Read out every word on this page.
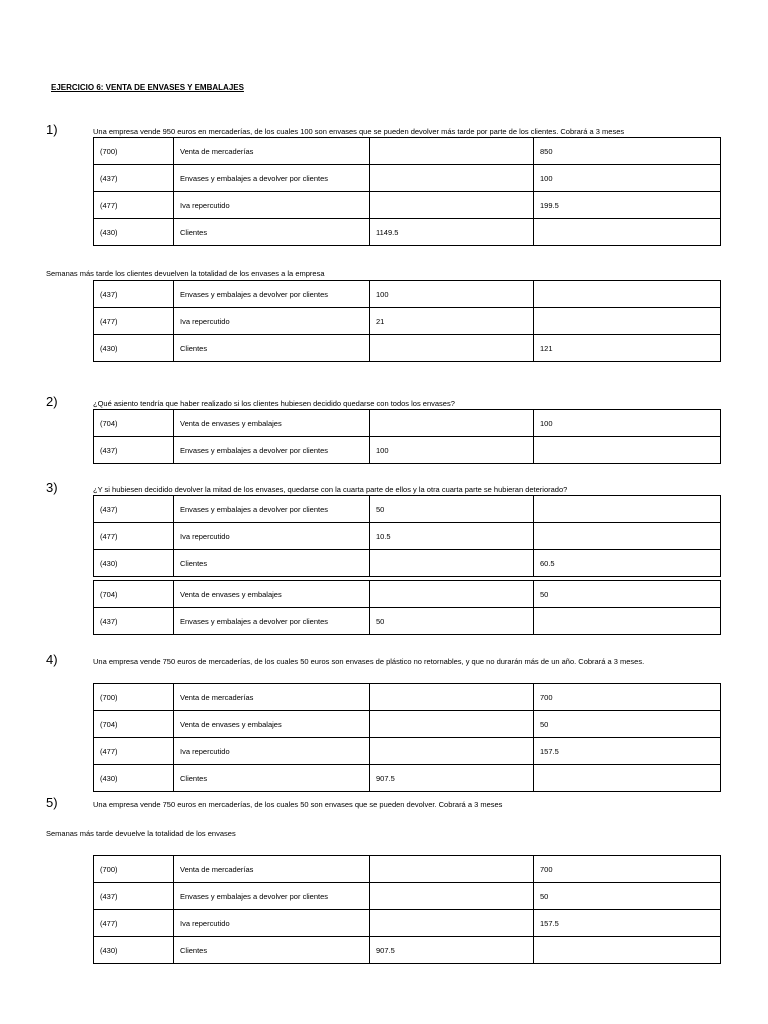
EJERCICIO 6: VENTA DE ENVASES Y EMBALAJES
1)	Una empresa vende 950 euros en mercaderías, de los cuales 100 son envases que se pueden devolver más tarde por parte de los clientes. Cobrará a 3 meses
(700)	Venta de mercaderías		850
(437)	Envases y embalajes a devolver por clientes		100
(477)	Iva repercutido		199.5
(430)	Clientes	1149.5	
Semanas más tarde los clientes devuelven la totalidad de los envases a la empresa
(437)	Envases y embalajes a devolver por clientes	100	
(477)	Iva repercutido	21	
(430)	Clientes		121
2)	¿Qué asiento tendría que haber realizado si los clientes hubiesen decidido quedarse con todos los envases?
(704)	Venta de envases y embalajes		100
(437)	Envases y embalajes a devolver por clientes	100	
3)	¿Y si hubiesen decidido devolver la mitad de los envases, quedarse con la cuarta parte de ellos y la otra cuarta parte se hubieran deteriorado?
(437)	Envases y embalajes a devolver por clientes	50	
(477)	Iva repercutido	10.5	
(430)	Clientes		60.5
(704)	Venta de envases y embalajes		50
(437)	Envases y embalajes a devolver por clientes	50	
4)	Una empresa vende 750 euros de mercaderías, de los cuales 50 euros son envases de plástico no retornables, y que no durarán más de un año. Cobrará a 3 meses.
(700)	Venta de mercaderías		700
(704)	Venta de envases y embalajes		50
(477)	Iva repercutido		157.5
(430)	Clientes	907.5	
5)	Una empresa vende 750 euros en mercaderías, de los cuales 50 son envases que se pueden devolver. Cobrará a 3 meses
Semanas más tarde devuelve la totalidad de los envases
(700)	Venta de mercaderías		700
(437)	Envases y embalajes a devolver por clientes		50
(477)	Iva repercutido		157.5
(430)	Clientes	907.5	
